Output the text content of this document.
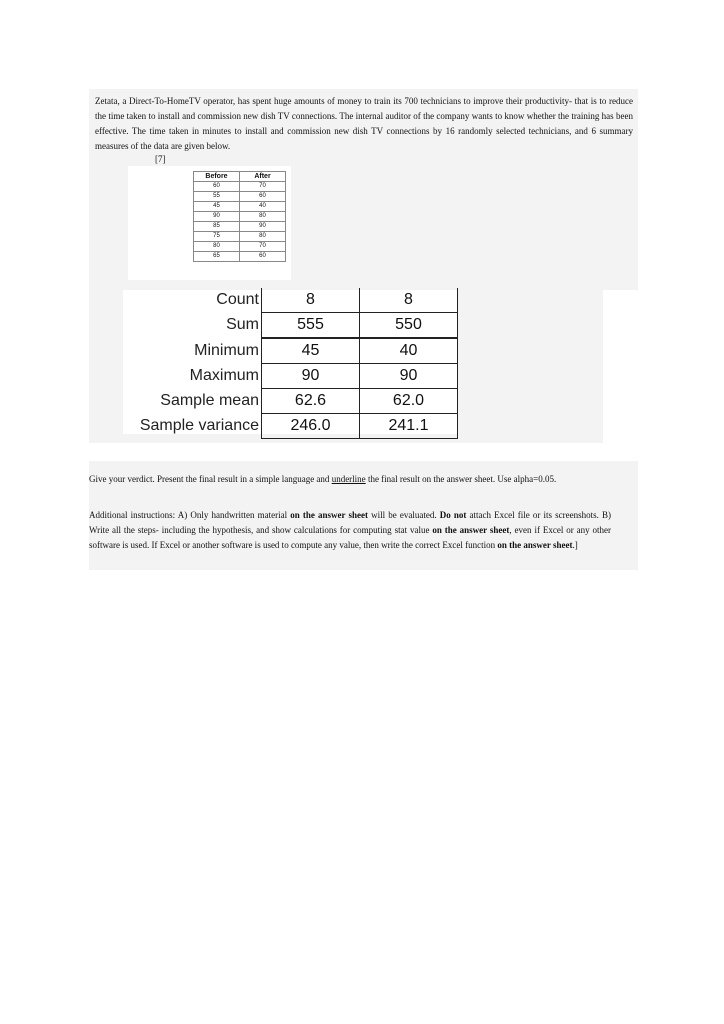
Zetata, a Direct-To-HomeTV operator, has spent huge amounts of money to train its 700 technicians to improve their productivity- that is to reduce the time taken to install and commission new dish TV connections. The internal auditor of the company wants to know whether the training has been effective. The time taken in minutes to install and commission new dish TV connections by 16 randomly selected technicians, and 6 summary measures of the data are given below.

[7]
Before	After
60	70
55	60
45	40
90	80
85	90
75	80
80	70
65	60
Count	8	8
Sum	555	550
Minimum	45	40
Maximum	90	90
Sample mean	62.6	62.0
Sample variance	246.0	241.1

Give your verdict. Present the final result in a simple language and underline the final result on the answer sheet. Use alpha=0.05.

Additional instructions: A) Only handwritten material on the answer sheet will be evaluated. Do not attach Excel file or its screenshots. B) Write all the steps- including the hypothesis, and show calculations for computing stat value on the answer sheet, even if Excel or any other software is used. If Excel or another software is used to compute any value, then write the correct Excel function on the answer sheet.]
